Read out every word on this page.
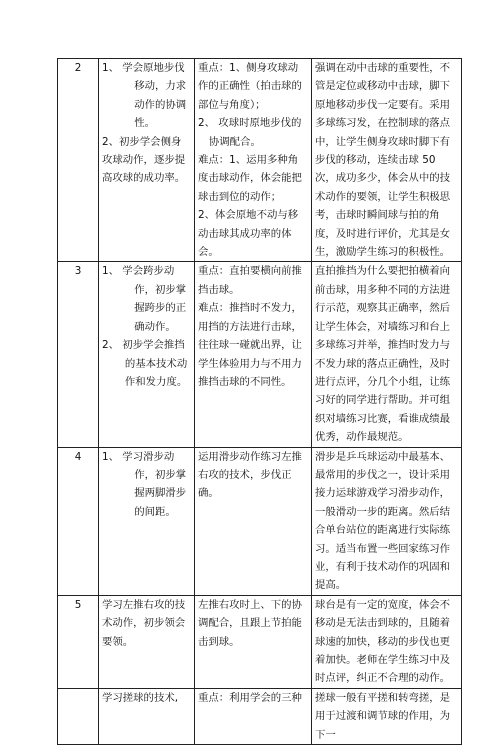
2	1、 学会原地步伐移动，力求动作的协调性。
2、初步学会侧身攻球动作，逐步提高攻球的成功率。	重点：1、侧身攻球动作的正确性（拍击球的部位与角度）；
2、 攻球时原地步伐的协调配合。
难点：1、运用多种角度击球动作，体会能把球击到位的动作；
2、体会原地不动与移动击球其成功率的体会。	强调在动中击球的重要性，不管是定位或移动中击球，脚下原地移动步伐一定要有。采用多球练习发，在控制球的落点中，让学生侧身攻球时脚下有步伐的移动，连续击球 50 次，成功多少，体会从中的技术动作的要领，让学生积极思考，击球时瞬间球与拍的角度，及时进行评价，尤其是女生，激励学生练习的积极性。
3	1、 学会跨步动作，初步掌握跨步的正确动作。
2、 初步学会推挡的基本技术动作和发力度。	重点：直拍要横向前推挡击球。
难点：推挡时不发力，用挡的方法进行击球，往往球一碰就出界，让学生体验用力与不用力推挡击球的不同性。	直拍推挡为什么要把拍横着向前击球，用多种不同的方法进行示范，观察其正确率，然后让学生体会，对墙练习和台上多球练习并举，推挡时发力与不发力球的落点正确性，及时进行点评，分几个小组，让练习好的同学进行帮助。并可组织对墙练习比赛，看谁成绩最优秀，动作最规范。
4	1、 学习滑步动作，初步掌握两脚滑步的间距。	运用滑步动作练习左推右攻的技术，步伐正确。	滑步是乒乓球运动中最基本、最常用的步伐之一，设计采用接力运球游戏学习滑步动作，一般滑动一步的距离。然后结合单台站位的距离进行实际练习。适当布置一些回家练习作业，有利于技术动作的巩固和提高。
5	学习左推右攻的技术动作，初步领会要领。	左推右攻时上、下的协调配合，且跟上节拍能击到球。	球台是有一定的宽度，体会不移动是无法击到球的，且随着球速的加快，移动的步伐也更着加快。老师在学生练习中及时点评，纠正不合理的动作。

	学习搓球的技术,	重点：利用学会的三种	搓球一般有平搓和转弯搓，是用于过渡和调节球的作用，为下一
